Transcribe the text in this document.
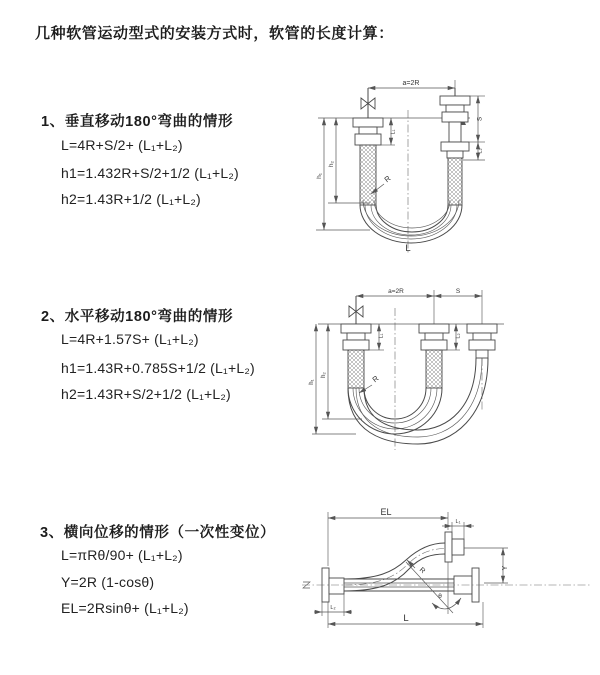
几种软管运动型式的安装方式时，软管的长度计算：
1、垂直移动180°弯曲的情形
L=4R+S/2+ (L₁+L₂)
h1=1.432R+S/2+1/2 (L₁+L₂)
h2=1.43R+1/2 (L₁+L₂)
a=2R
h₁
h₂
L₁
S
L₂
R
L
2、水平移动180°弯曲的情形
L=4R+1.57S+ (L₁+L₂)
h1=1.43R+0.785S+1/2 (L₁+L₂)
h2=1.43R+S/2+1/2 (L₁+L₂)
a=2R	S
h₁
h₂
L₁	L₂
R
3、横向位移的情形（一次性变位）
L=πRθ/90+ (L₁+L₂)
Y=2R (1-cosθ)
EL=2Rsinθ+ (L₁+L₂)
EL
L₁
Y
R
θ
L₂
L
